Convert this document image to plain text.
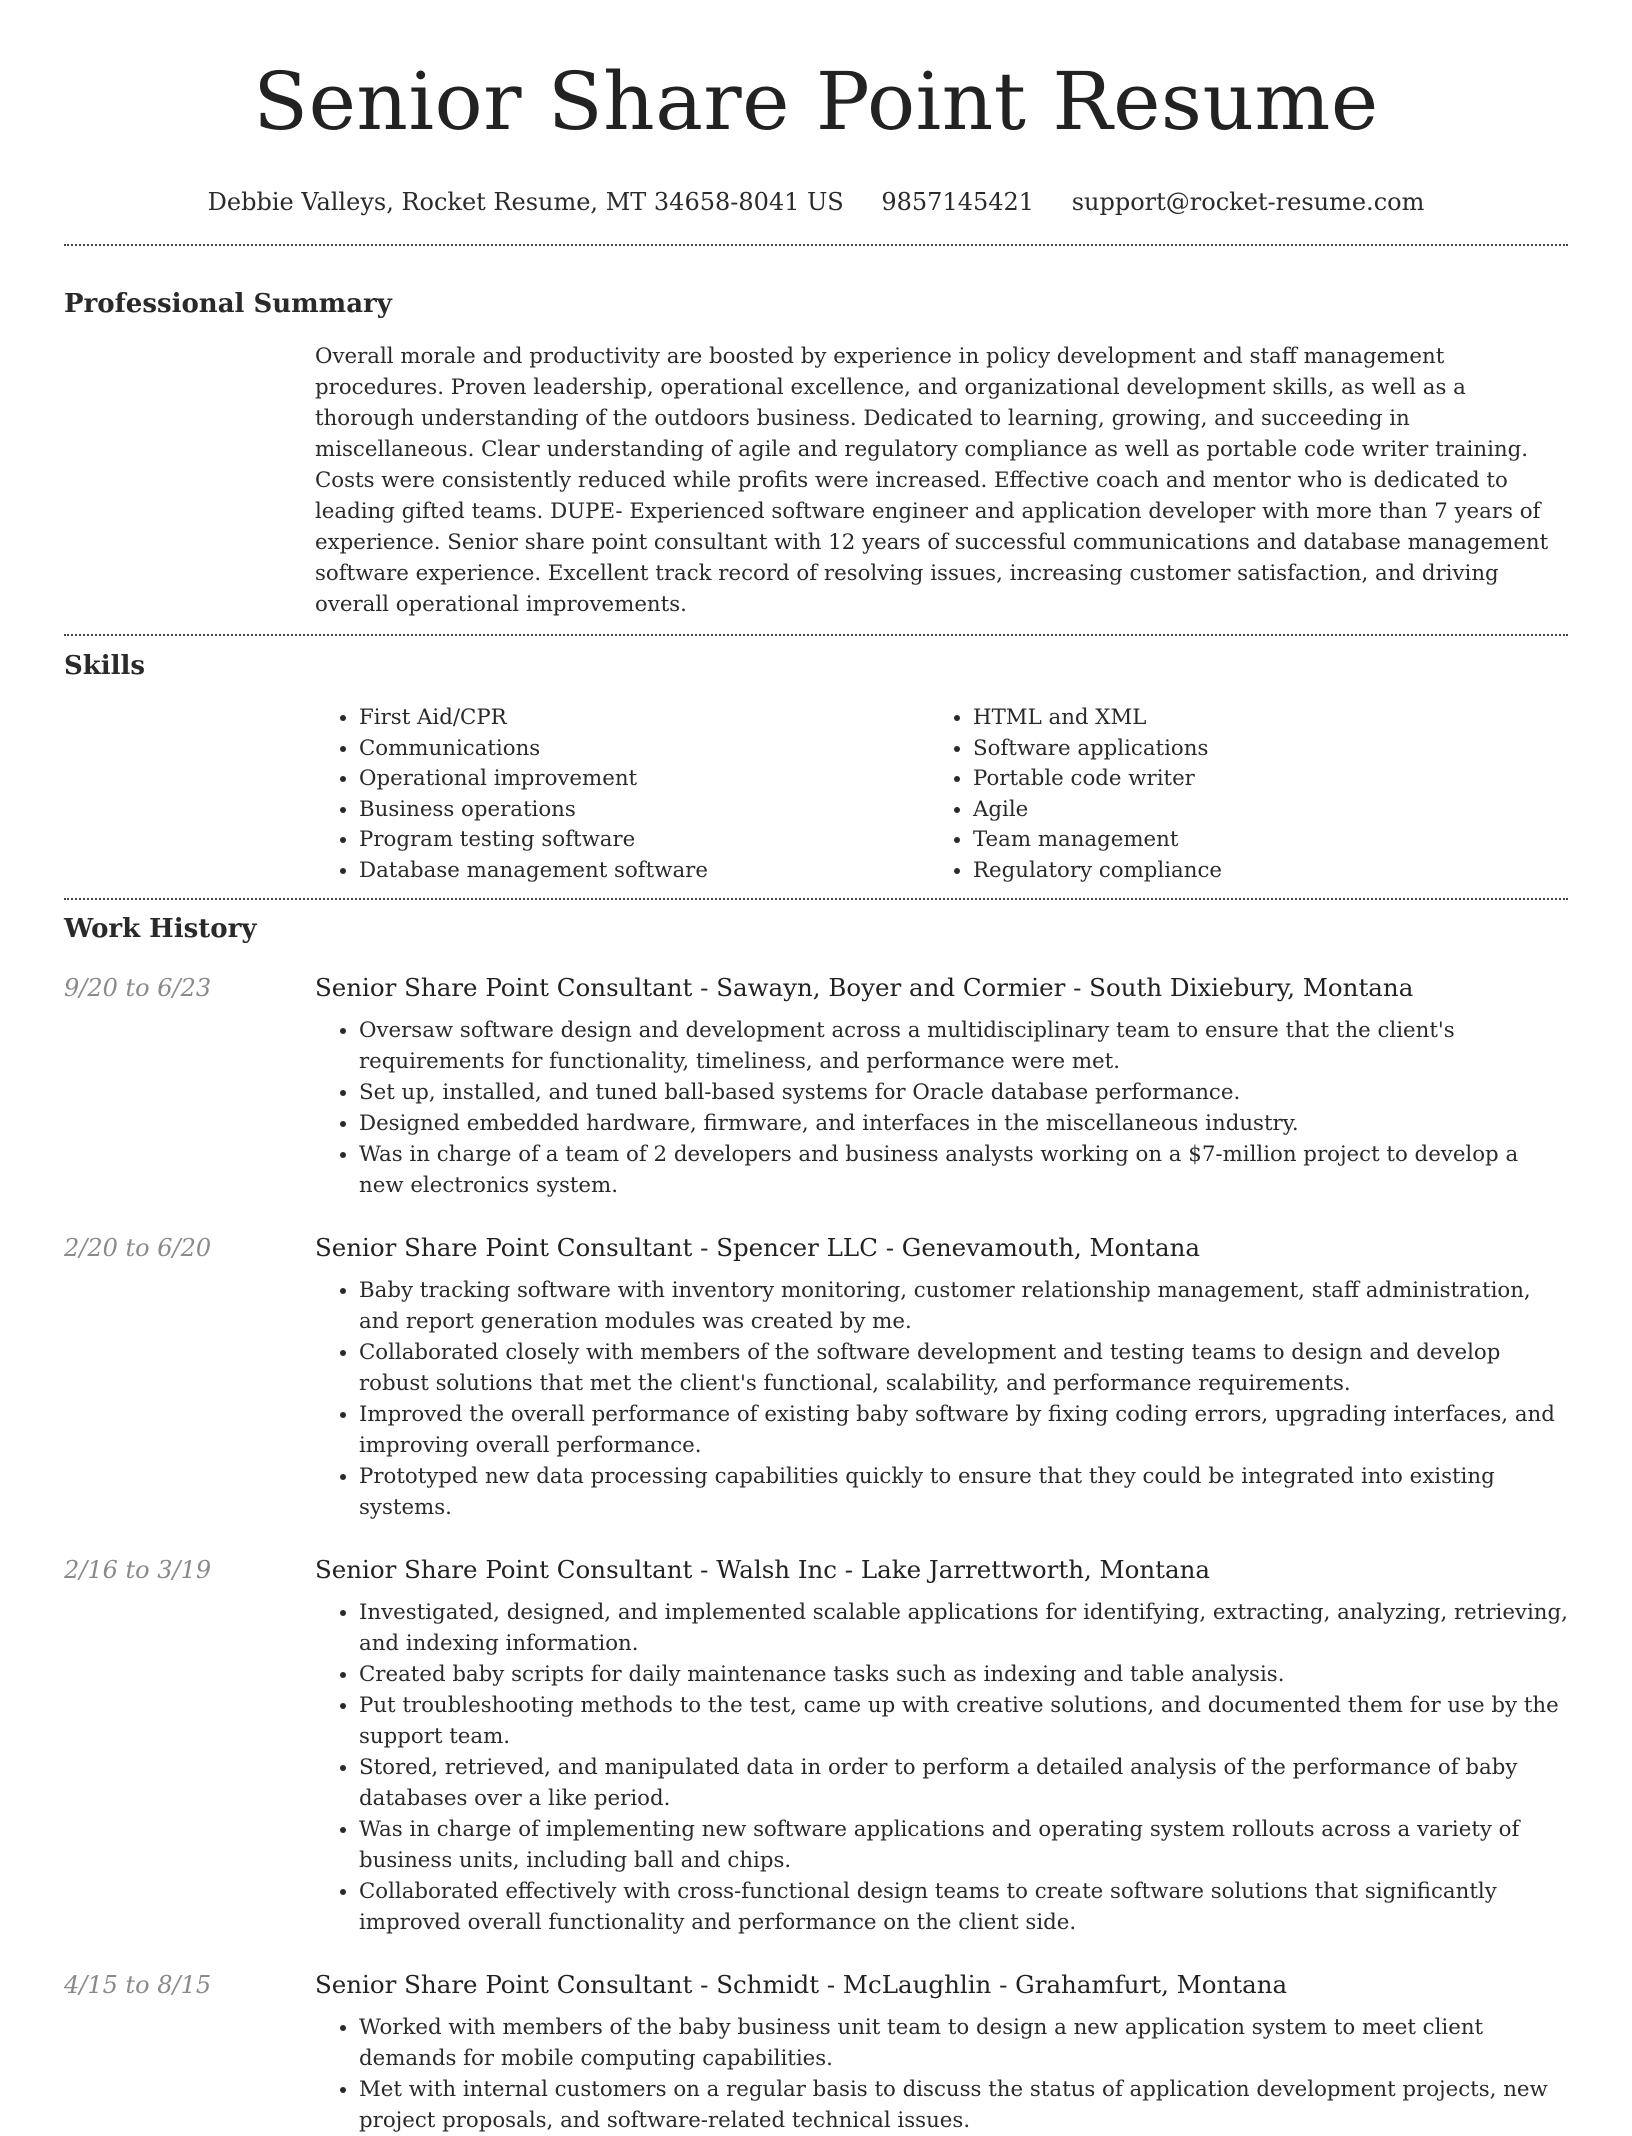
Senior Share Point Resume
Debbie Valleys, Rocket Resume, MT 34658-8041 US 9857145421 support@rocket-resume.com
Professional Summary
Overall morale and productivity are boosted by experience in policy development and staff management procedures. Proven leadership, operational excellence, and organizational development skills, as well as a thorough understanding of the outdoors business. Dedicated to learning, growing, and succeeding in miscellaneous. Clear understanding of agile and regulatory compliance as well as portable code writer training. Costs were consistently reduced while profits were increased. Effective coach and mentor who is dedicated to leading gifted teams. DUPE- Experienced software engineer and application developer with more than 7 years of experience. Senior share point consultant with 12 years of successful communications and database management software experience. Excellent track record of resolving issues, increasing customer satisfaction, and driving overall operational improvements.
Skills
• First Aid/CPR
• Communications
• Operational improvement
• Business operations
• Program testing software
• Database management software
• HTML and XML
• Software applications
• Portable code writer
• Agile
• Team management
• Regulatory compliance
Work History
9/20 to 6/23	Senior Share Point Consultant - Sawayn, Boyer and Cormier - South Dixiebury, Montana
• Oversaw software design and development across a multidisciplinary team to ensure that the client's requirements for functionality, timeliness, and performance were met.
• Set up, installed, and tuned ball-based systems for Oracle database performance.
• Designed embedded hardware, firmware, and interfaces in the miscellaneous industry.
• Was in charge of a team of 2 developers and business analysts working on a $7-million project to develop a new electronics system.
2/20 to 6/20	Senior Share Point Consultant - Spencer LLC - Genevamouth, Montana
• Baby tracking software with inventory monitoring, customer relationship management, staff administration, and report generation modules was created by me.
• Collaborated closely with members of the software development and testing teams to design and develop robust solutions that met the client's functional, scalability, and performance requirements.
• Improved the overall performance of existing baby software by fixing coding errors, upgrading interfaces, and improving overall performance.
• Prototyped new data processing capabilities quickly to ensure that they could be integrated into existing systems.
2/16 to 3/19	Senior Share Point Consultant - Walsh Inc - Lake Jarrettworth, Montana
• Investigated, designed, and implemented scalable applications for identifying, extracting, analyzing, retrieving, and indexing information.
• Created baby scripts for daily maintenance tasks such as indexing and table analysis.
• Put troubleshooting methods to the test, came up with creative solutions, and documented them for use by the support team.
• Stored, retrieved, and manipulated data in order to perform a detailed analysis of the performance of baby databases over a like period.
• Was in charge of implementing new software applications and operating system rollouts across a variety of business units, including ball and chips.
• Collaborated effectively with cross-functional design teams to create software solutions that significantly improved overall functionality and performance on the client side.
4/15 to 8/15	Senior Share Point Consultant - Schmidt - McLaughlin - Grahamfurt, Montana
• Worked with members of the baby business unit team to design a new application system to meet client demands for mobile computing capabilities.
• Met with internal customers on a regular basis to discuss the status of application development projects, new project proposals, and software-related technical issues.
